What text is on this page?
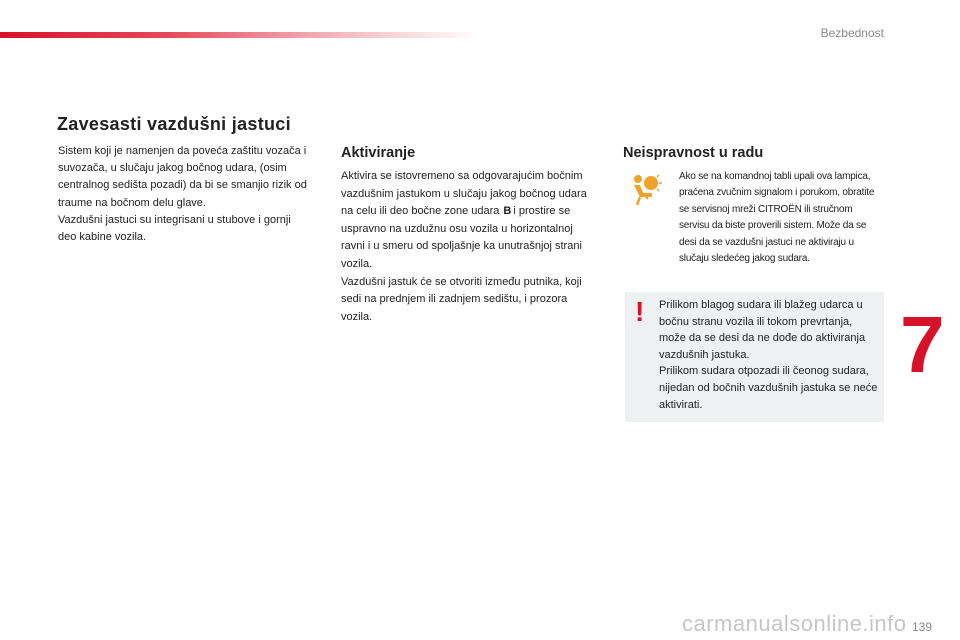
Bezbednost
Zavesasti vazdušni jastuci

Sistem koji je namenjen da poveća zaštitu vozača i suvozača, u slučaju jakog bočnog udara, (osim centralnog sedišta pozadi) da bi se smanjio rizik od traume na bočnom delu glave.

Vazdušni jastuci su integrisani u stubove i gornji deo kabine vozila.

Aktiviranje

Aktivira se istovremeno sa odgovarajućim bočnim vazdušnim jastukom u slučaju jakog bočnog udara na celu ili deo bočne zone udara B i prostire se uspravno na uzdužnu osu vozila u horizontalnoj ravni i u smeru od spoljašnje ka unutrašnjoj strani vozila.

Vazdušni jastuk će se otvoriti između putnika, koji sedi na prednjem ili zadnjem sedištu, i prozora vozila.

Neispravnost u radu

Ako se na komandnoj tabli upali ova lampica, praćena zvučnim signalom i porukom, obratite se servisnoj mreži CITROËN ili stručnom servisu da biste proverili sistem. Može da se desi da se vazdušni jastuci ne aktiviraju u slučaju sledećeg jakog sudara.

! Prilikom blagog sudara ili blažeg udarca u bočnu stranu vozila ili tokom prevrtanja, može da se desi da ne dođe do aktiviranja vazdušnih jastuka.

Prilikom sudara otpozadi ili čeonog sudara, nijedan od bočnih vazdušnih jastuka se neće aktivirati.

7
carmanualsonline.info 139
